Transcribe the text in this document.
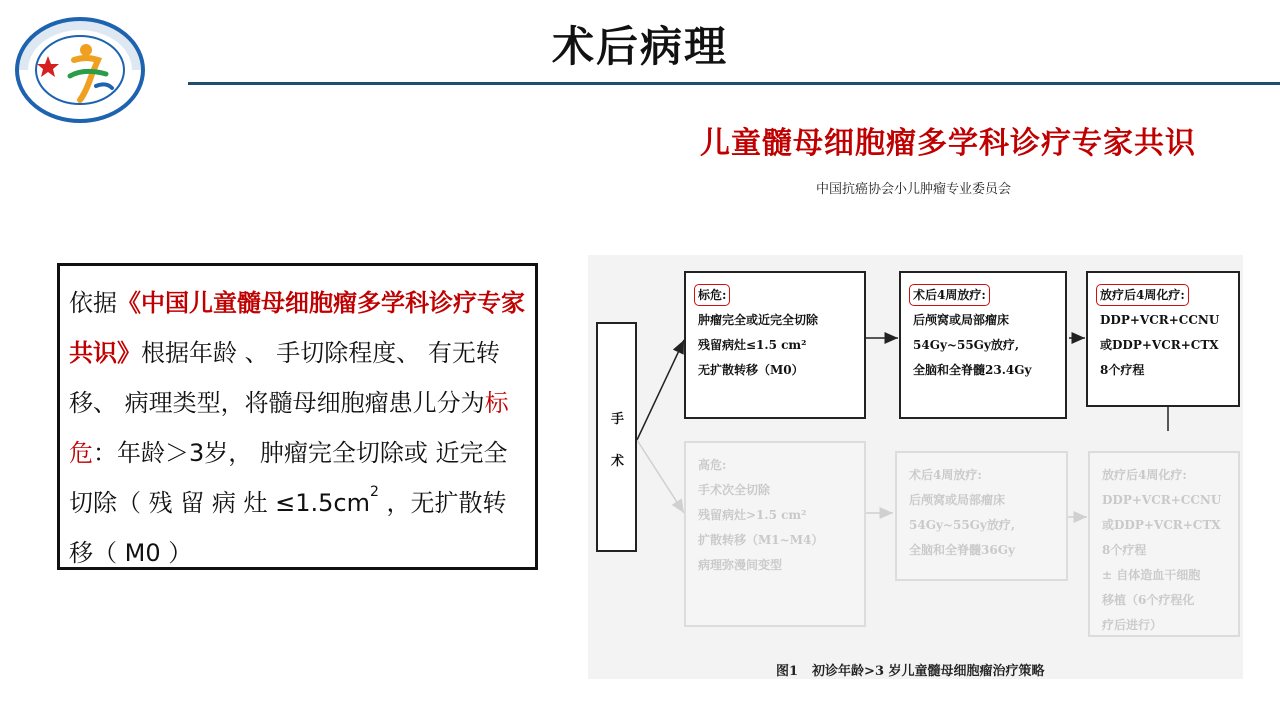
术后病理
儿童髓母细胞瘤多学科诊疗专家共识
中国抗癌协会小儿肿瘤专业委员会
依据《中国儿童髓母细胞瘤多学科诊疗专家共识》根据年龄 、 手切除程度、 有无转移、 病理类型，将髓母细胞瘤患儿分为标危：年龄＞3岁， 肿瘤完全切除或 近完全切除（ 残 留 病 灶 $\le 1.5cm^2$ ，无扩散转移（ M0 ）
手
术
标危:
肿瘤完全或近完全切除
残留病灶≤1.5 cm²
无扩散转移（M0）
术后4周放疗:
后颅窝或局部瘤床
54Gy~55Gy放疗,
全脑和全脊髓23.4Gy
放疗后4周化疗:
DDP+VCR+CCNU
或DDP+VCR+CTX
8个疗程
高危:
手术次全切除
残留病灶>1.5 cm²
扩散转移（M1~M4）
病理弥漫间变型
术后4周放疗:
后颅窝或局部瘤床
54Gy~55Gy放疗,
全脑和全脊髓36Gy
放疗后4周化疗:
DDP+VCR+CCNU
或DDP+VCR+CTX
8个疗程
± 自体造血干细胞
移植（6个疗程化
疗后进行）
图1 初诊年龄>3 岁儿童髓母细胞瘤治疗策略
